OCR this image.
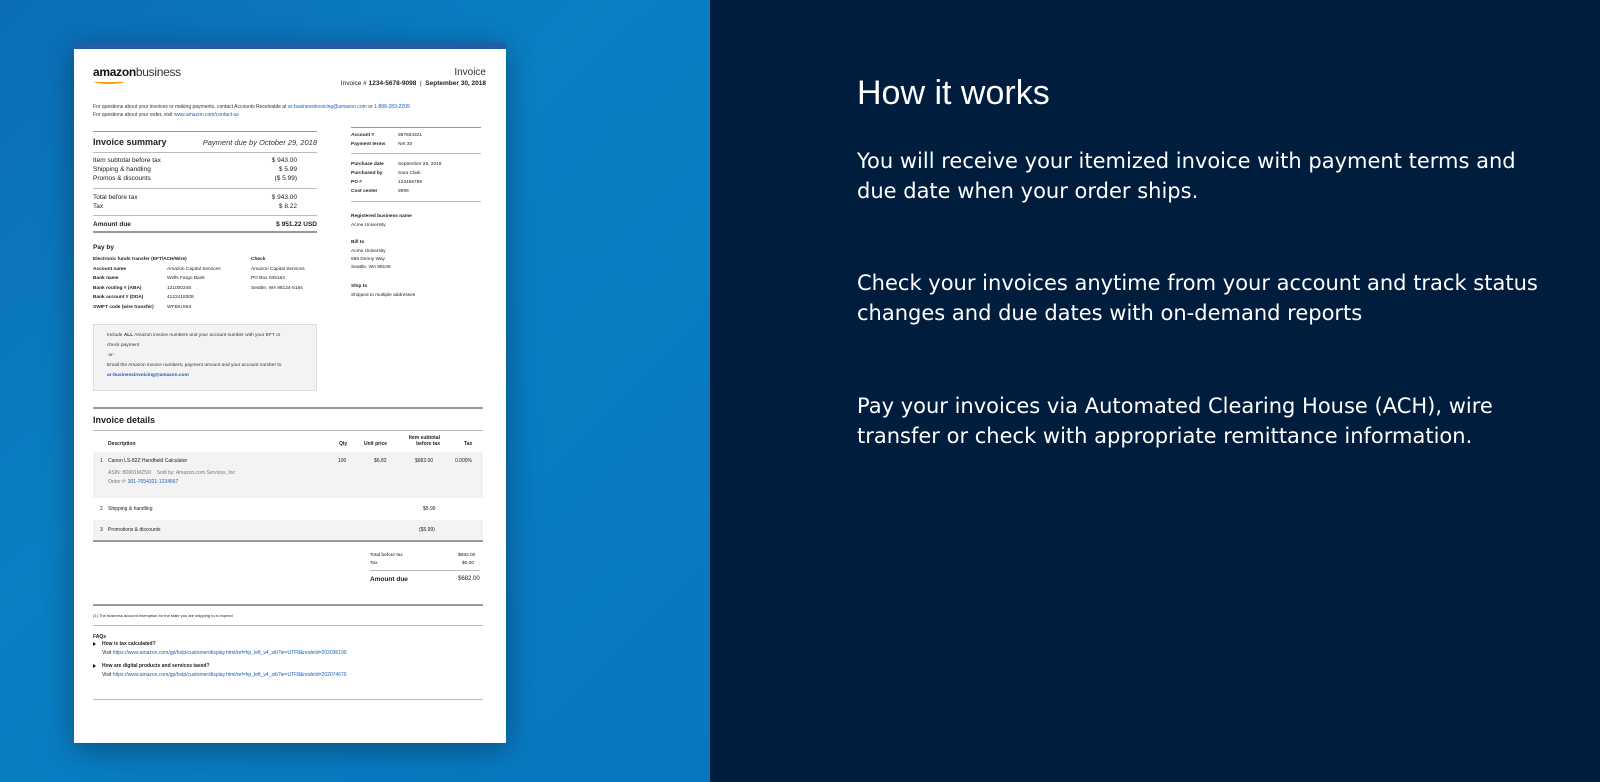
amazonbusiness	Invoice
Invoice # 1234-5678-9098 | September 30, 2018
For questions about your invoices or making payments, contact Accounts Receivable at ar-businessinvoicing@amazon.com or 1-888-283-2209
For questions about your order, visit www.amazon.com/contact-us
Invoice summary	Payment due by October 29, 2018
Item subtotal before tax	$ 943.00
Shipping & handling	$ 5.99
Promos & discounts	($ 5.99)
Total before tax	$ 943.00
Tax	$ 8.22
Amount due	$ 951.22 USD
Account #	987654321
Payment terms	Net 30
Purchase date	September 28, 2018
Purchased by	Sara Clark
PO #	123456789
Cost center	9999
Registered business name
Acme University
Bill to
Acme University
555 Denny Way
Seattle, WA 98109
Ship to
Shipped to multiple addresses
Pay by
Electronic funds transfer (EFT/ACH/Wire)
Account name	Amazon Capital Services
Bank name	Wells Fargo Bank
Bank routing # (ABA)	121000248
Bank account # (DDA)	4122418308
SWIFT code (wire transfer)	WFBIUS6S
Check
Amazon Capital Services
PO Box 035184
Seattle, WA 98124-5184
Include ALL Amazon invoice numbers and your account number with your EFT or
check payment
-or-
Email the Amazon invoice numbers, payment amount and your account number to
ar-businessinvoicing@amazon.com
Invoice details
Description	Qty	Unit price
Item subtotal
before tax	Tax
1 Canon LS-82Z Handheld Calculator	100	$6.82	$682.00	0.000%
ASIN: B0001MZ59I Sold by: Amazon.com Services, Inc
Order #: 301-7654321-1234567
2 Shipping & handling	$5.99
3 Promotions & discounts	($5.99)
Total before tax	$682.00
Tax	$0.00
Amount due	$682.00
(1) The business account exemption for the state you are shipping to is expired
FAQs
How is tax calculated?
Visit https://www.amazon.com/gp/help/customer/display.html/ref=hp_left_v4_sib?ie=UTF8&nodeId=202036190
How are digital products and services taxed?
Visit https://www.amazon.com/gp/help/customer/display.html/ref=hp_left_v4_sib?ie=UTF8&nodeId=202074670
How it works
You will receive your itemized invoice with payment terms and due date when your order ships.
Check your invoices anytime from your account and track status changes and due dates with on-demand reports
Pay your invoices via Automated Clearing House (ACH), wire transfer or check with appropriate remittance information.
